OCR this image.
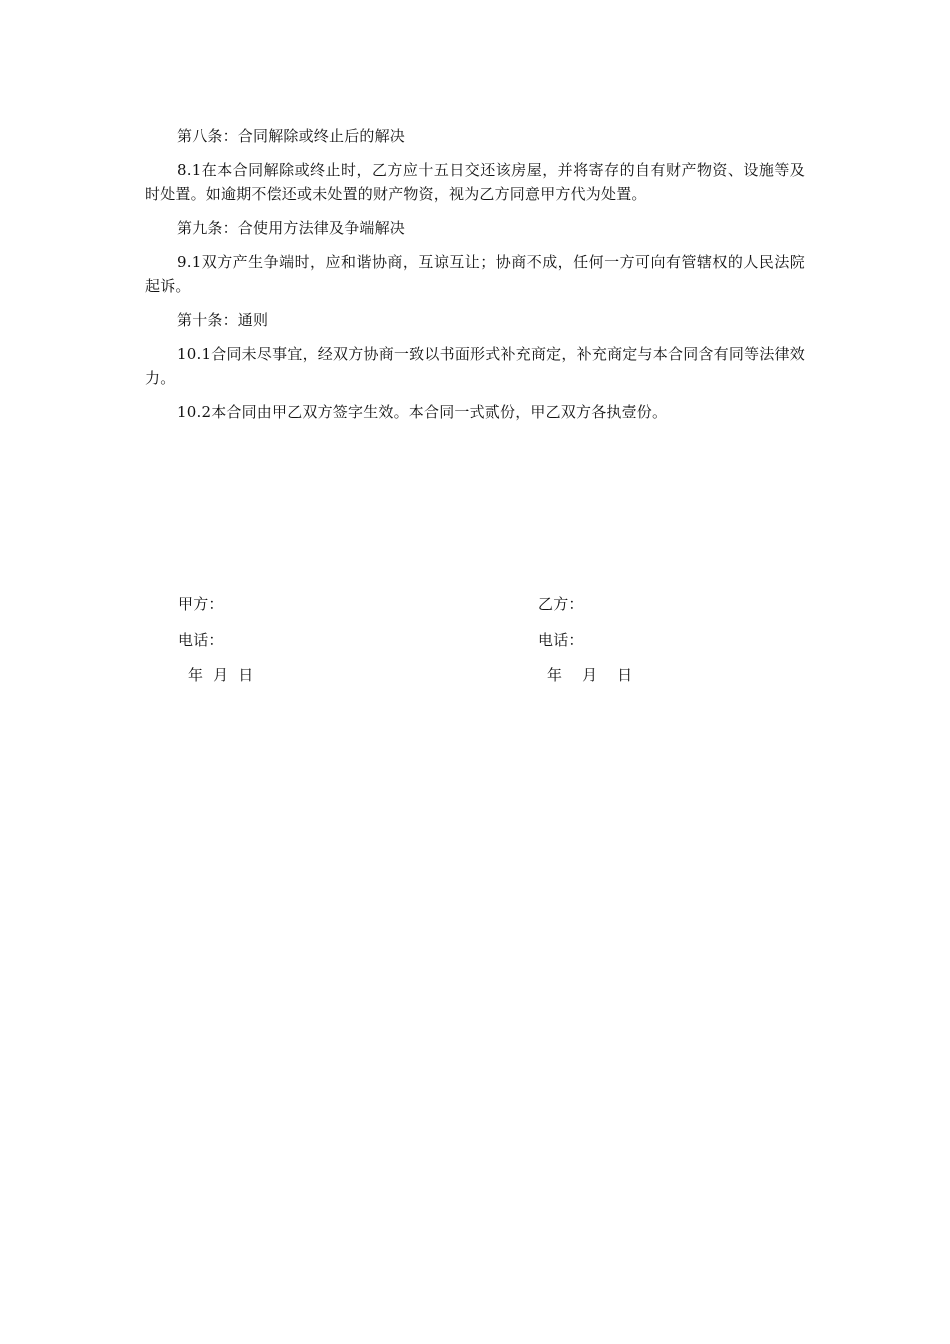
第八条：合同解除或终止后的解决

8.1在本合同解除或终止时，乙方应十五日交还该房屋，并将寄存的自有财产物资、设施等及时处置。如逾期不偿还或未处置的财产物资，视为乙方同意甲方代为处置。

第九条：合使用方法律及争端解决

9.1双方产生争端时，应和谐协商，互谅互让；协商不成，任何一方可向有管辖权的人民法院起诉。

第十条：通则

10.1合同未尽事宜，经双方协商一致以书面形式补充商定，补充商定与本合同含有同等法律效力。

10.2本合同由甲乙双方签字生效。本合同一式贰份，甲乙双方各执壹份。

甲方：
电话：
年  月  日
乙方：
电话：
年    月    日
